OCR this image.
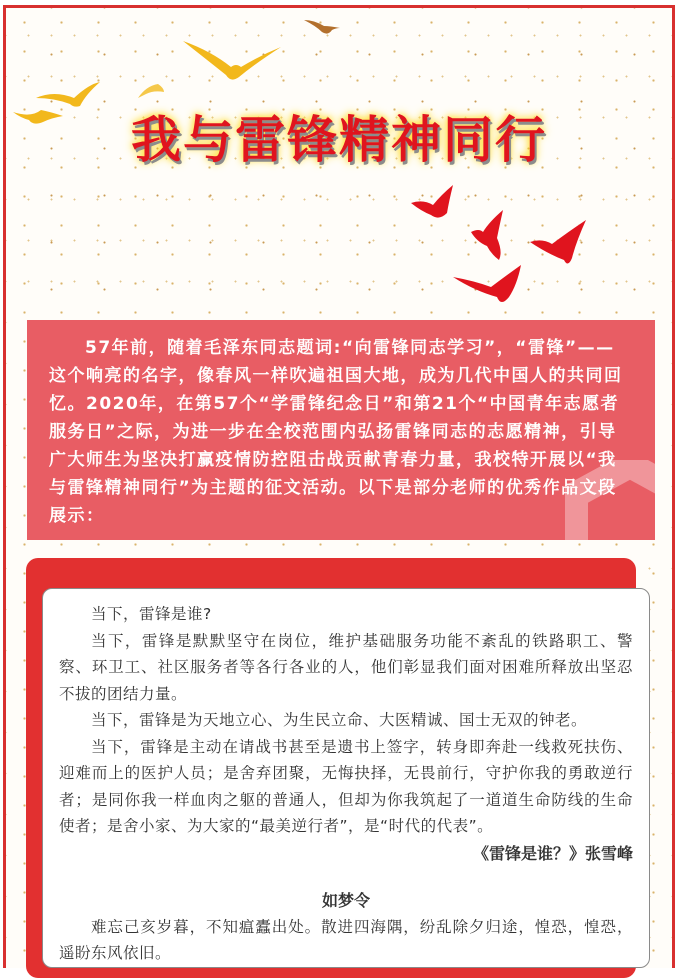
我与雷锋精神同行

57年前，随着毛泽东同志题词:“向雷锋同志学习”，“雷锋”——这个响亮的名字，像春风一样吹遍祖国大地，成为几代中国人的共同回忆。2020年，在第57个“学雷锋纪念日”和第21个“中国青年志愿者服务日”之际，为进一步在全校范围内弘扬雷锋同志的志愿精神，引导广大师生为坚决打赢疫情防控阻击战贡献青春力量，我校特开展以“我与雷锋精神同行”为主题的征文活动。以下是部分老师的优秀作品文段展示：

当下，雷锋是谁?

当下，雷锋是默默坚守在岗位，维护基础服务功能不紊乱的铁路职工、警察、环卫工、社区服务者等各行各业的人，他们彰显我们面对困难所释放出坚忍不拔的团结力量。

当下，雷锋是为天地立心、为生民立命、大医精诚、国士无双的钟老。

当下，雷锋是主动在请战书甚至是遗书上签字，转身即奔赴一线救死扶伤、迎难而上的医护人员；是舍弃团聚，无悔抉择，无畏前行，守护你我的勇敢逆行者；是同你我一样血肉之躯的普通人，但却为你我筑起了一道道生命防线的生命使者；是舍小家、为大家的“最美逆行者”，是“时代的代表”。

《雷锋是谁？》张雪峰

如梦令

难忘己亥岁暮，不知瘟蠹出处。散进四海隅，纷乱除夕归途，惶恐，惶恐，遥盼东风依旧。
